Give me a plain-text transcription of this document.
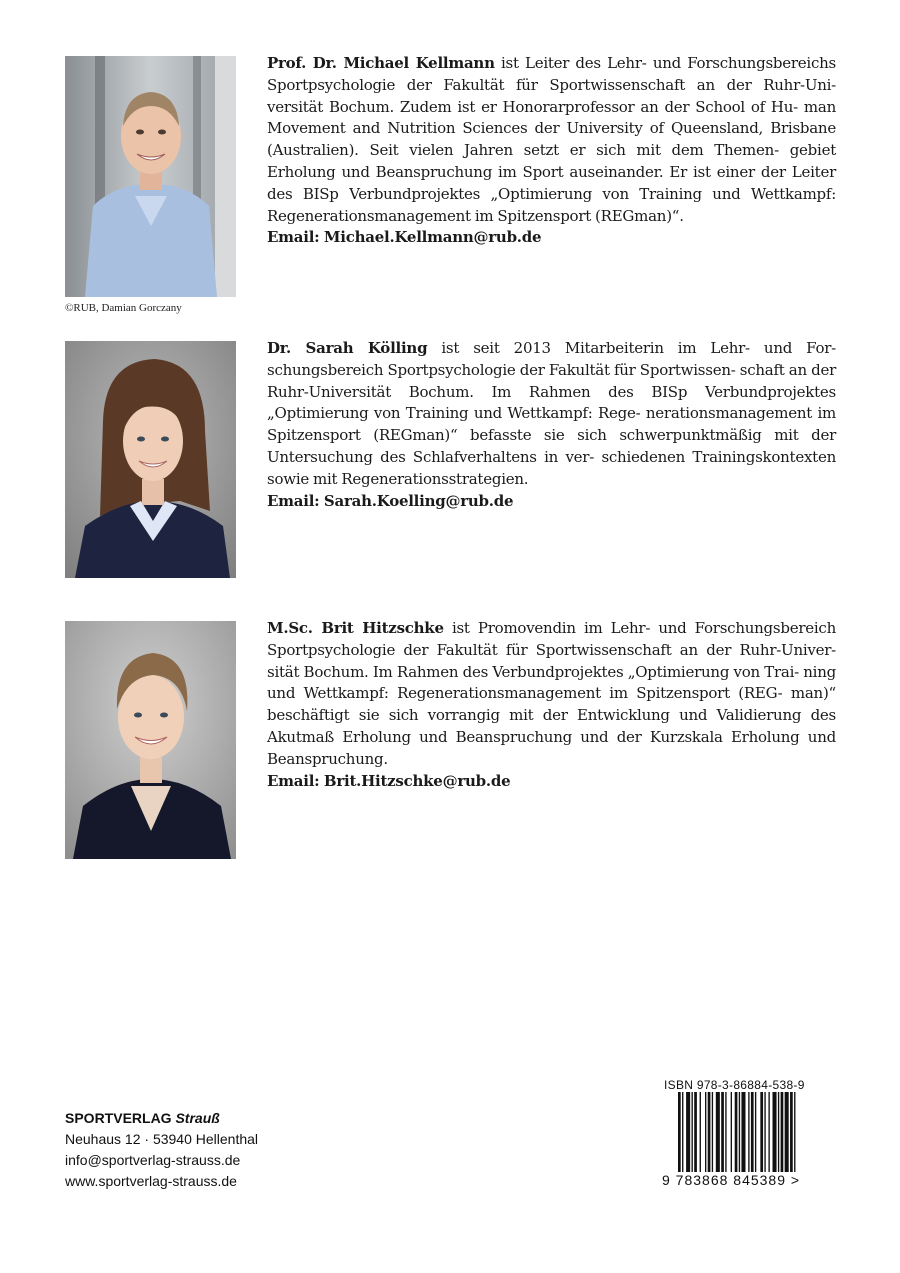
©RUB, Damian Gorczany
Prof. Dr. Michael Kellmann ist Leiter des Lehr- und Forschungsbereichs Sportpsychologie der Fakultät für Sportwissenschaft an der Ruhr-Uni- versität Bochum. Zudem ist er Honorarprofessor an der School of Hu- man Movement and Nutrition Sciences der University of Queensland, Brisbane (Australien). Seit vielen Jahren setzt er sich mit dem Themen- gebiet Erholung und Beanspruchung im Sport auseinander. Er ist einer der Leiter des BISp Verbundprojektes „Optimierung von Training und Wettkampf: Regenerationsmanagement im Spitzensport (REGman)“.
Email: Michael.Kellmann@rub.de
Dr. Sarah Kölling ist seit 2013 Mitarbeiterin im Lehr- und For- schungsbereich Sportpsychologie der Fakultät für Sportwissen- schaft an der Ruhr-Universität Bochum. Im Rahmen des BISp Verbundprojektes „Optimierung von Training und Wettkampf: Rege- nerationsmanagement im Spitzensport (REGman)“ befasste sie sich schwerpunktmäßig mit der Untersuchung des Schlafverhaltens in ver- schiedenen Trainingskontexten sowie mit Regenerationsstrategien.
Email: Sarah.Koelling@rub.de
M.Sc. Brit Hitzschke ist Promovendin im Lehr- und Forschungsbereich Sportpsychologie der Fakultät für Sportwissenschaft an der Ruhr-Univer- sität Bochum. Im Rahmen des Verbundprojektes „Optimierung von Trai- ning und Wettkampf: Regenerationsmanagement im Spitzensport (REG- man)“ beschäftigt sie sich vorrangig mit der Entwicklung und Validierung des Akutmaß Erholung und Beanspruchung und der Kurzskala Erholung und Beanspruchung.
Email: Brit.Hitzschke@rub.de
SPORTVERLAG Strauß
Neuhaus 12 · 53940 Hellenthal
info@sportverlag-strauss.de
www.sportverlag-strauss.de
ISBN 978-3-86884-538-9
9 783868 845389 >
